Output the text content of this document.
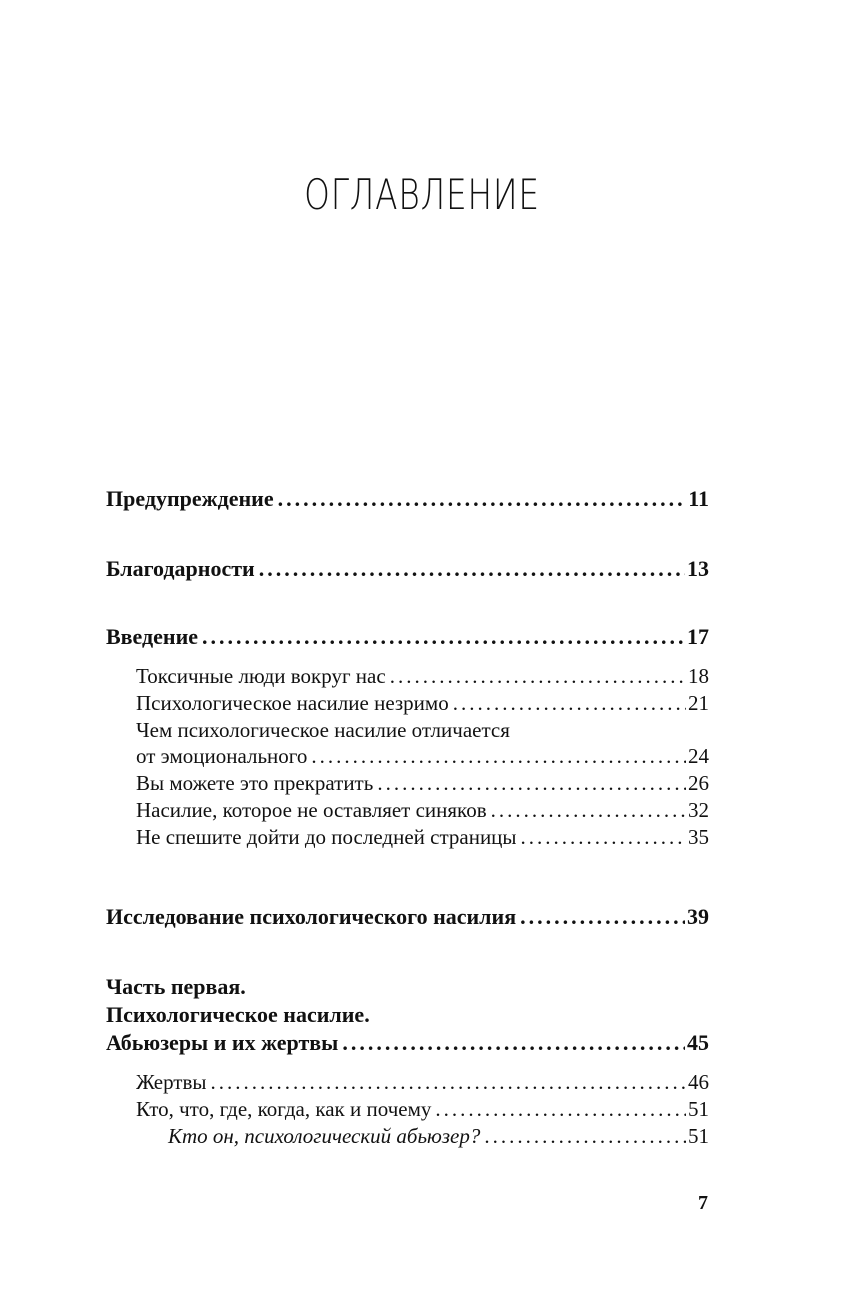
ОГЛАВЛЕНИЕ
Предупреждение .....	11
Благодарности .....	13
Введение .....	17
Токсичные люди вокруг нас .....	18
Психологическое насилие незримо .....	21
Чем психологическое насилие отличается
от эмоционального .....	24
Вы можете это прекратить .....	26
Насилие, которое не оставляет синяков .....	32
Не спешите дойти до последней страницы .....	35
Исследование психологического насилия .....	39
Часть первая.
Психологическое насилие.
Абьюзеры и их жертвы .....	45
Жертвы .....	46
Кто, что, где, когда, как и почему .....	51
Кто он, психологический абьюзер? .....	51
7
